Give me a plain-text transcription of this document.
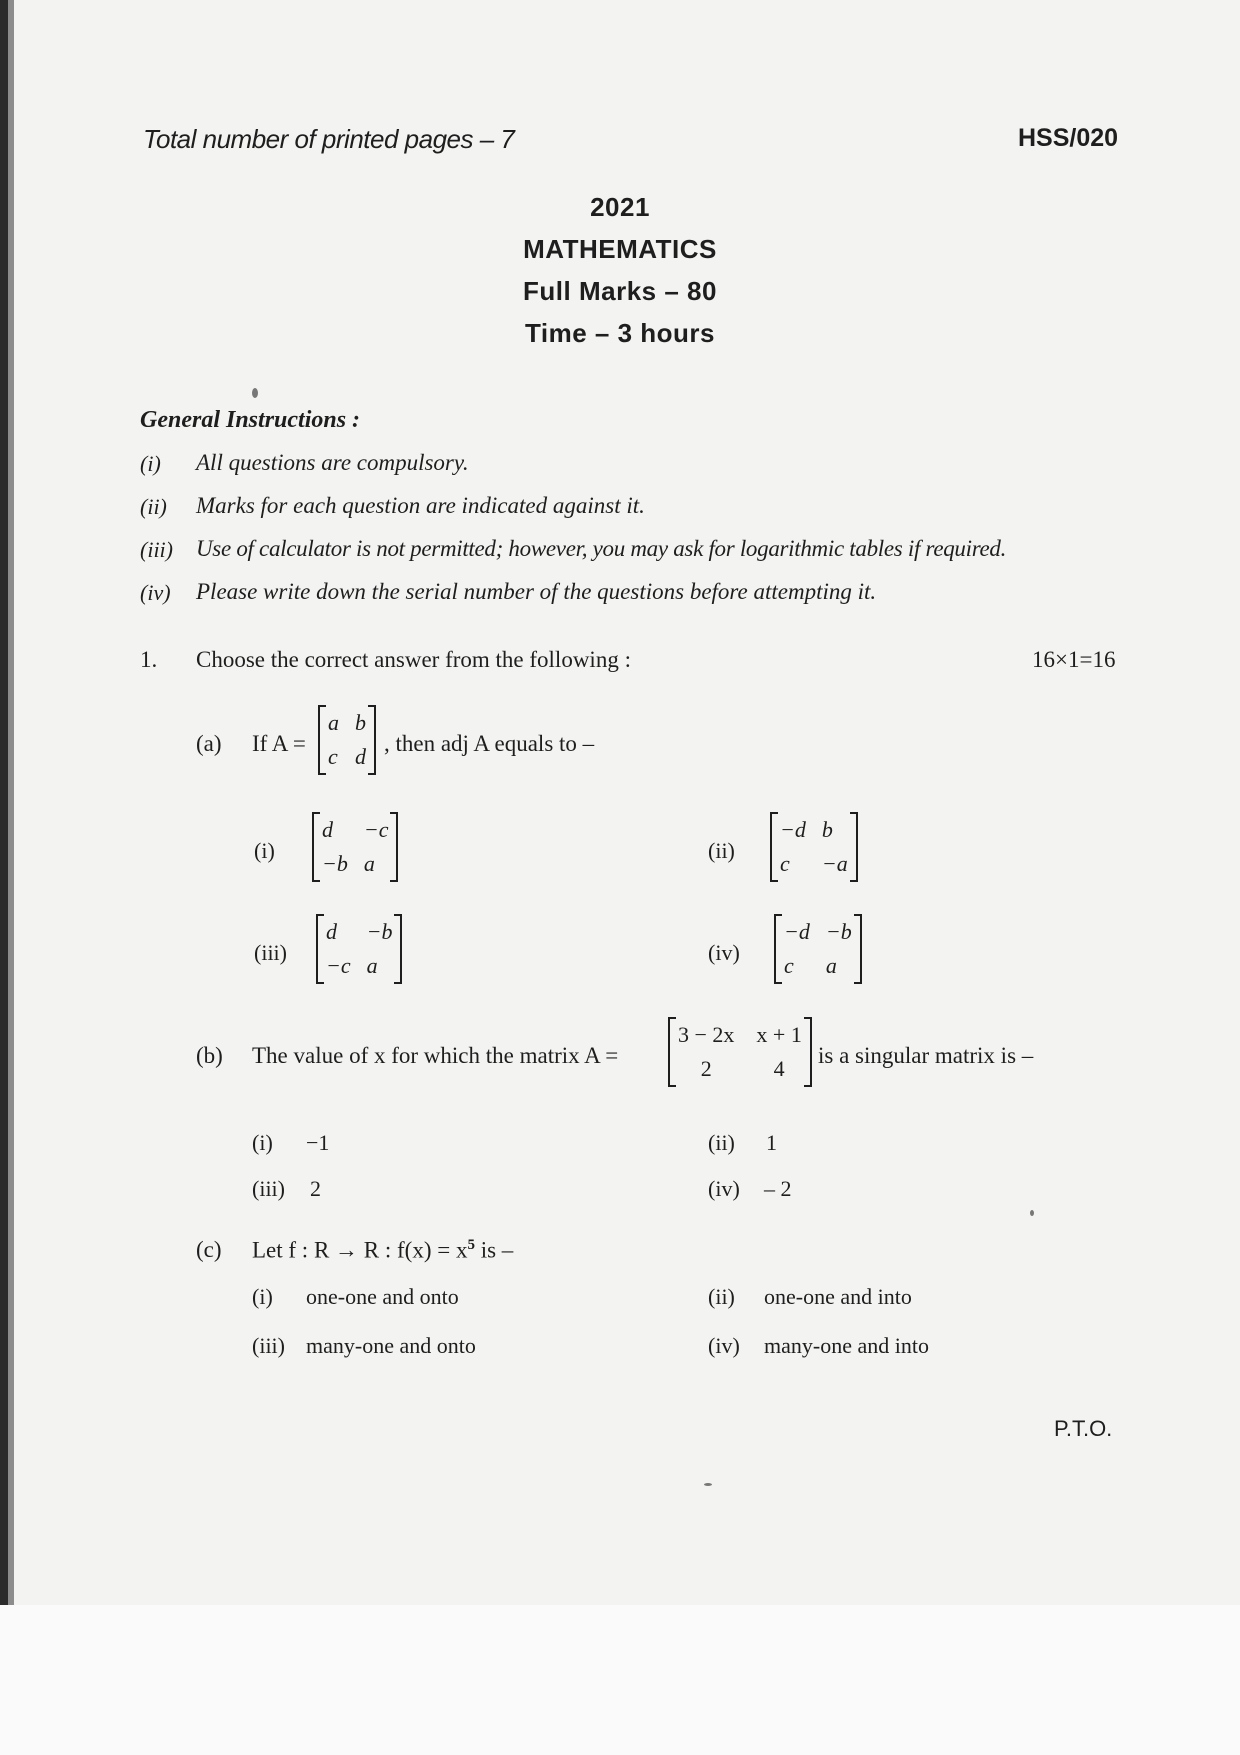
Total number of printed pages – 7	HSS/020
2021
MATHEMATICS
Full Marks – 80
Time – 3 hours
General Instructions :
(i) All questions are compulsory.
(ii) Marks for each question are indicated against it.
(iii) Use of calculator is not permitted; however, you may ask for logarithmic tables if required.
(iv) Please write down the serial number of the questions before attempting it.
1. Choose the correct answer from the following :	16×1=16
(a) If A =
a b
c d
, then adj A equals to –
(i)
d	−c
−b a
(ii)
−d b
c	−a
(iii)
d	−b
−c a
(iv)
−d −b
c	a
(b) The value of x for which the matrix A =
3 − 2x x + 1
2	4
is a singular matrix is –
(i) −1	(ii) 1
(iii) 2	(iv) – 2
(c) Let f : R → R : $f(x) = x^5$ is –
(i) one-one and onto	(ii) one-one and into
(iii) many-one and onto	(iv) many-one and into
P.T.O.
